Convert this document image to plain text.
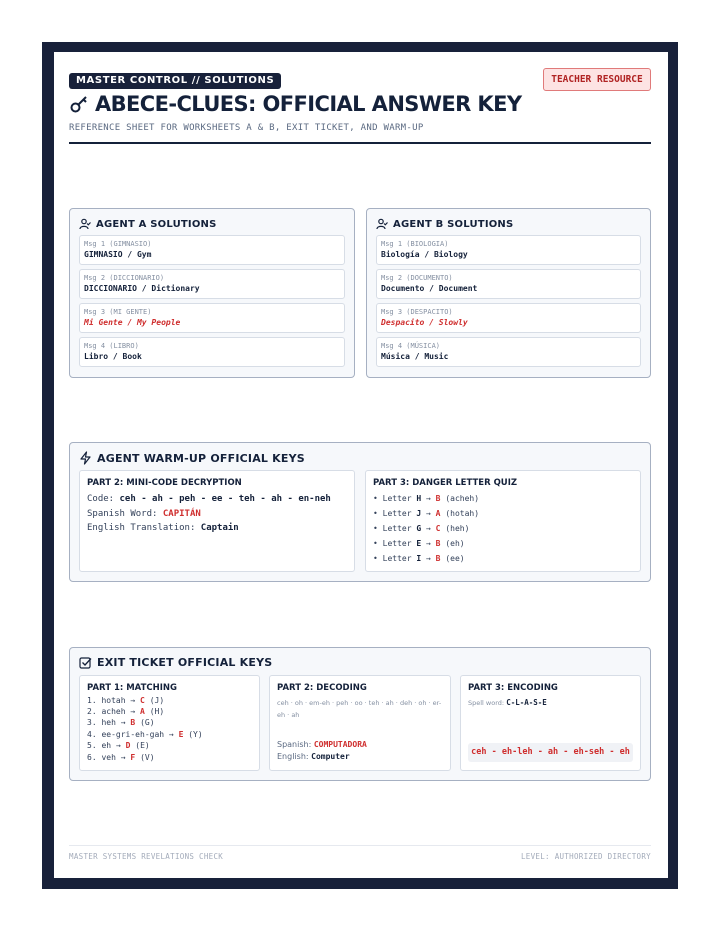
MASTER CONTROL // SOLUTIONS	TEACHER RESOURCE
ABECE-CLUES: OFFICIAL ANSWER KEY
REFERENCE SHEET FOR WORKSHEETS A & B, EXIT TICKET, AND WARM-UP
AGENT A SOLUTIONS
Msg 1 (GIMNASIO)
GIMNASIO / Gym
Msg 2 (DICCIONARIO)
DICCIONARIO / Dictionary
Msg 3 (MI GENTE)
Mi Gente / My People
Msg 4 (LIBRO)
Libro / Book
AGENT B SOLUTIONS
Msg 1 (BIOLOGIA)
Biología / Biology
Msg 2 (DOCUMENTO)
Documento / Document
Msg 3 (DESPACITO)
Despacito / Slowly
Msg 4 (MÚSICA)
Música / Music
AGENT WARM-UP OFFICIAL KEYS
PART 2: MINI-CODE DECRYPTION
Code: ceh - ah - peh - ee - teh - ah - en-neh
Spanish Word: CAPITÁN
English Translation: Captain
PART 3: DANGER LETTER QUIZ
• Letter H → B (acheh)
• Letter J → A (hotah)
• Letter G → C (heh)
• Letter E → B (eh)
• Letter I → B (ee)
EXIT TICKET OFFICIAL KEYS
PART 1: MATCHING
1. hotah → C (J)
2. acheh → A (H)
3. heh → B (G)
4. ee-gri-eh-gah → E (Y)
5. eh → D (E)
6. veh → F (V)
PART 2: DECODING
ceh · oh · em-eh · peh · oo · teh · ah · deh · oh · er-eh · ah
Spanish: COMPUTADORA
English: Computer
PART 3: ENCODING
Spell word: C-L-A-S-E
ceh - eh-leh - ah - eh-seh - eh
MASTER SYSTEMS REVELATIONS CHECK	LEVEL: AUTHORIZED DIRECTORY
